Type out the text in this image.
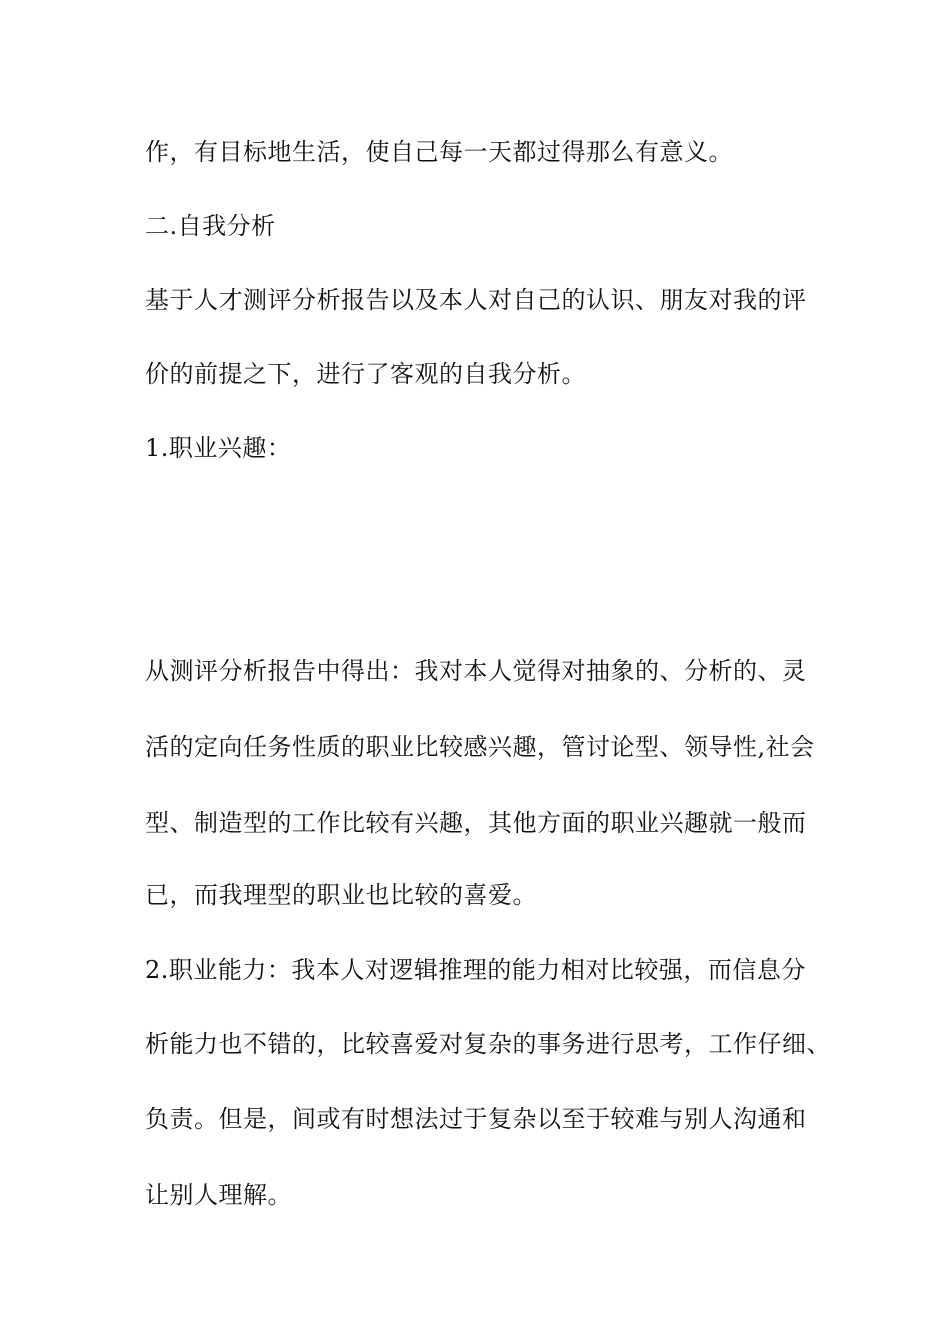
作，有目标地生活，使自己每一天都过得那么有意义。
二.自我分析
基于人才测评分析报告以及本人对自己的认识、朋友对我的评
价的前提之下，进行了客观的自我分析。
1.职业兴趣：
从测评分析报告中得出：我对本人觉得对抽象的、分析的、灵
活的定向任务性质的职业比较感兴趣，管讨论型、领导性,社会
型、制造型的工作比较有兴趣，其他方面的职业兴趣就一般而
已，而我理型的职业也比较的喜爱。
2.职业能力：我本人对逻辑推理的能力相对比较强，而信息分
析能力也不错的，比较喜爱对复杂的事务进行思考，工作仔细、
负责。但是，间或有时想法过于复杂以至于较难与别人沟通和
让别人理解。
